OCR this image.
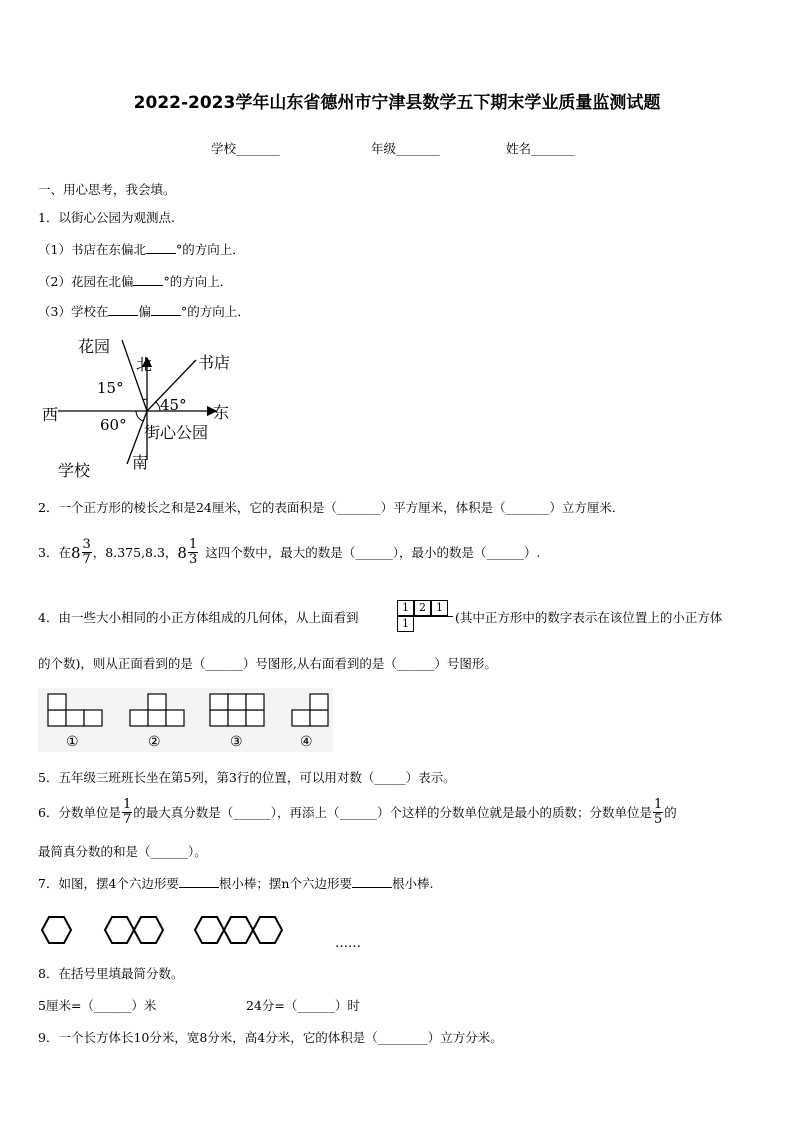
2022-2023学年山东省德州市宁津县数学五下期末学业质量监测试题
学校_______	年级_______	姓名_______
一、用心思考，我会填。
1．以街心公园为观测点．
（1）书店在东偏北 °的方向上．
（2）花园在北偏 °的方向上．
（3）学校在 偏 °的方向上．
花园
北	书店
15°
45°
西	东
60° 街心公园
学校	南
2．一个正方形的棱长之和是24厘米，它的表面积是（_______）平方厘米，体积是（_______）立方厘米．
3．在 $8 \frac{3}{7}$ ，8.375,8.3， $8 \frac{1}{3}$ 这四个数中，最大的数是（______），最小的数是（______）.
4．由一些大小相同的小正方体组成的几何体，从上面看到
1 2 1
1	(其中正方形中的数字表示在该位置上的小正方体
的个数)，则从正面看到的是（______）号图形,从右面看到的是（______）号图形。
①	②	③	④
5．五年级三班班长坐在第5列，第3行的位置，可以用对数（_____）表示。
6．分数单位是 $\frac{1}{7}$ 的最大真分数是（______），再添上（______）个这样的分数单位就是最小的质数；分数单位是 $\frac{1}{5}$ 的
最简真分数的和是（______）。
7．如图，摆4个六边形要	根小棒；摆n个六边形要	根小棒.
……
8．在括号里填最简分数。
5厘米=（______）米	24分=（______）时
9．一个长方体长10分米，宽8分米，高4分米，它的体积是（________）立方分米。
